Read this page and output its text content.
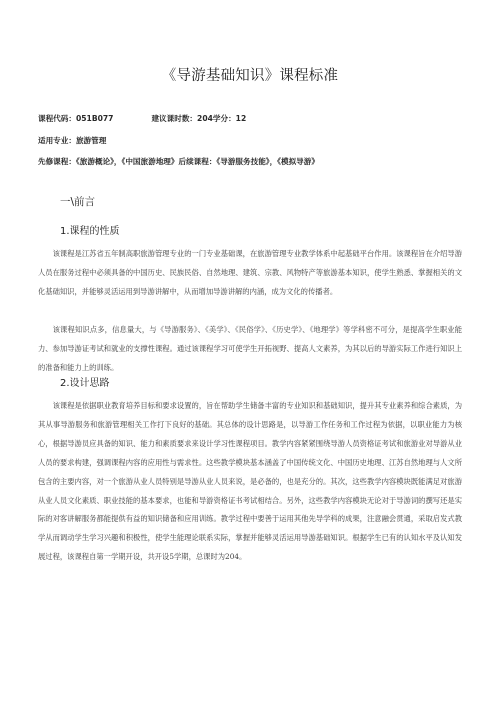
《导游基础知识》课程标准
课程代码：051B077	建议课时数：204学分：12
适用专业：旅游管理
先修课程：《旅游概论》，《中国旅游地理》后续课程：《导游服务技能》，《模拟导游》
一\前言
1.课程的性质

该课程是江苏省五年制高职旅游管理专业的一门专业基础课，在旅游管理专业教学体系中起基础平台作用。该课程旨在介绍导游人员在服务过程中必须具备的中国历史、民族民俗、自然地理、建筑、宗教、风物特产等旅游基本知识，使学生熟悉、掌握相关的文化基础知识，并能够灵活运用到导游讲解中，从而增加导游讲解的内涵，成为文化的传播者。

该课程知识点多，信息量大，与《导游服务》、《美学》、《民俗学》、《历史学》、《地理学》等学科密不可分，是提高学生职业能力、参加导游证考试和就业的支撑性课程。通过该课程学习可使学生开拓视野、提高人文素养，为其以后的导游实际工作进行知识上的准备和能力上的训练。

2.设计思路

该课程是依据职业教育培养目标和要求设置的，旨在帮助学生储备丰富的专业知识和基础知识，提升其专业素养和综合素质，为其从事导游服务和旅游管理相关工作打下良好的基础。其总体的设计思路是，以导游工作任务和工作过程为依据，以职业能力为核心，根据导游员应具备的知识、能力和素质要求来设计学习性课程项目。教学内容紧紧围绕导游人员资格证考试和旅游业对导游从业人员的要求构建，强调课程内容的应用性与需求性。这些教学模块基本涵盖了中国传统文化、中国历史地理、江苏自然地理与人文所包含的主要内容，对一个旅游从业人员特别是导游从业人员来说，是必备的，也是充分的。其次，这些教学内容模块既能满足对旅游从业人员文化素质、职业技能的基本要求，也能和导游资格证书考试相结合。另外，这些教学内容模块无论对于导游词的撰写还是实际的对客讲解服务都能提供有益的知识储备和应用训练。教学过程中要善于运用其他先导学科的成果，注意融会贯通，采取启发式教学从而调动学生学习兴趣和积极性，使学生能理论联系实际，掌握并能够灵活运用导游基础知识。根据学生已有的认知水平及认知发展过程，该课程自第一学期开设，共开设5学期，总课时为204。
